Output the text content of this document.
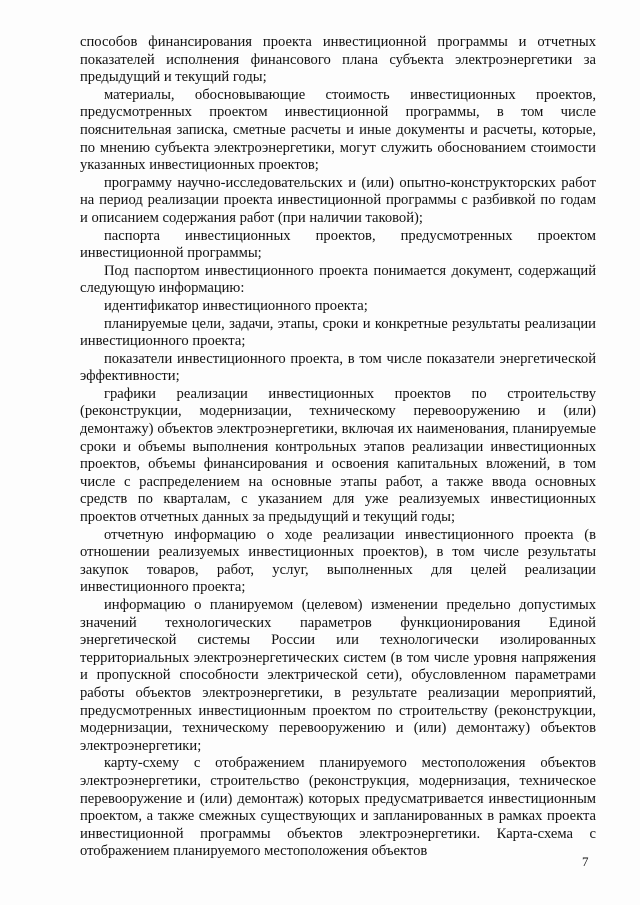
способов финансирования проекта инвестиционной программы и отчетных показателей исполнения финансового плана субъекта электроэнергетики за предыдущий и текущий годы;

материалы, обосновывающие стоимость инвестиционных проектов, предусмотренных проектом инвестиционной программы, в том числе пояснительная записка, сметные расчеты и иные документы и расчеты, которые, по мнению субъекта электроэнергетики, могут служить обоснованием стоимости указанных инвестиционных проектов;

программу научно-исследовательских и (или) опытно-конструкторских работ на период реализации проекта инвестиционной программы с разбивкой по годам и описанием содержания работ (при наличии таковой);

паспорта инвестиционных проектов, предусмотренных проектом инвестиционной программы;

Под паспортом инвестиционного проекта понимается документ, содержащий следующую информацию:

идентификатор инвестиционного проекта;

планируемые цели, задачи, этапы, сроки и конкретные результаты реализации инвестиционного проекта;

показатели инвестиционного проекта, в том числе показатели энергетической эффективности;

графики реализации инвестиционных проектов по строительству (реконструкции, модернизации, техническому перевооружению и (или) демонтажу) объектов электроэнергетики, включая их наименования, планируемые сроки и объемы выполнения контрольных этапов реализации инвестиционных проектов, объемы финансирования и освоения капитальных вложений, в том числе с распределением на основные этапы работ, а также ввода основных средств по кварталам, с указанием для уже реализуемых инвестиционных проектов отчетных данных за предыдущий и текущий годы;

отчетную информацию о ходе реализации инвестиционного проекта (в отношении реализуемых инвестиционных проектов), в том числе результаты закупок товаров, работ, услуг, выполненных для целей реализации инвестиционного проекта;

информацию о планируемом (целевом) изменении предельно допустимых значений технологических параметров функционирования Единой энергетической системы России или технологически изолированных территориальных электроэнергетических систем (в том числе уровня напряжения и пропускной способности электрической сети), обусловленном параметрами работы объектов электроэнергетики, в результате реализации мероприятий, предусмотренных инвестиционным проектом по строительству (реконструкции, модернизации, техническому перевооружению и (или) демонтажу) объектов электроэнергетики;

карту-схему с отображением планируемого местоположения объектов электроэнергетики, строительство (реконструкция, модернизация, техническое перевооружение и (или) демонтаж) которых предусматривается инвестиционным проектом, а также смежных существующих и запланированных в рамках проекта инвестиционной программы объектов электроэнергетики. Карта-схема с отображением планируемого местоположения объектов

7
